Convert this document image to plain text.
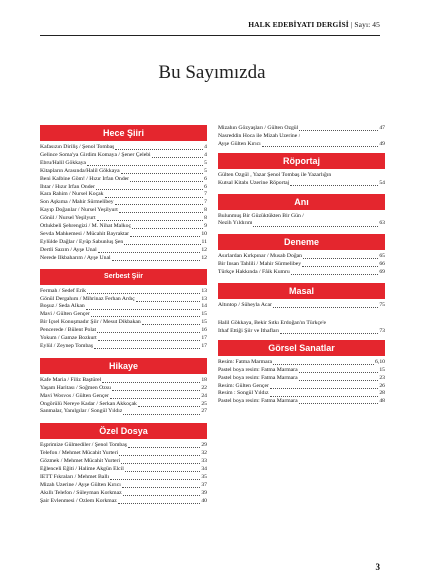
HALK EDEBİYATI DERGİSİ | Sayı: 45
Bu Sayımızda
Hece Şiiri
Kafasızın Diriliş / Şenol Tombaş	4
Gelince Soma'ya Girdim Komaya / Şener Çelebi	4
Ebru/Halil Gökkaya	5
Kitapların Arasında/Halil Gökkaya	5
Beni Kalbine Göm! / Hızır İrfan Önder	6
İhtar / Hızır İrfan Önder	6
Kara Rahim / Nursel Koçak	7
Son Aşkıma / Mahir Sürmelibey	7
Kayıp Doğanlar / Nursel Yeşilyurt	8
Gönül / Nursel Yeşilyurt	8
Othıkbeli Şehrengizi / M. Nihat Malkoç	9
Sevda Mahkemesi / Mücahit Bayraktar	10
Eylülde Dağlar / Eyüp Sabunluş Şen	11
Dertli Sazım / Ayşe Ünal	12
Nerede İlkbaharım / Ayşe Ünal	12
Serbest Şiir
Fermah / Sedef Erik	13
Gönül Dergahım / Mihrinaz Ferhan Ardıç	13
Boşuz / Seda Alkan	14
Mavi / Gülten Gençer	15
Bir İçsel Konuşmadır Şiir / Mesut Dikbakan	15
Pencerede / Bülent Polat	16
Yokum / Gamze Bozkurt	17
Eylül / Zeynep Tombaş	17
Hikaye
Kafe Maria / Filiz Baştürel	18
Yaşam Haritası / Soğmen Özsu	22
Mavi Wosvos / Gülten Gençer	24
Öngörülü Nereye Kadar / Serkan Akkoçak	25
Sanmalar, Yanılgılar / Songül Yıldız	27
Özel Dosya
Eşprimize Gülmediler / Şenol Tombaş	29
Telefon / Mehmet Mücahit Yurteri	32
Gözmek / Mehmet Mücahit Yurteri	33
Eğlenceli Eğiti / Halime Akgün Elcil	34
İETT Fıkraları / Mehmet Ballı	35
Mizah Üzerine / Ayşe Gülten Kırıcı	37
Akıllı Telefon / Süleyman Korkmaz	39
Şair Evlenmesi / Özlem Korkmaz	40
Mizahın Gözyaşları / Gülten Özgül	47
Nasreddin Hoca ile Mizah Üzerine /
Ayşe Gülten Kırıcı	49
Röportaj
Gülten Özgül , Yazar Şenol Tombaş ile Yazarlığın
Kutsal Kitabı Üzerine Röportaj	54
Anı
Bulunmuş Bir Güzüktükten Bir Gün /
Nezih Yıldırım	63
Deneme
Asırlardan Kırkpınar / Musab Doğan	65
Bir İnsan Tahlili / Mahir Sürmelibey	66
Türkçe Hakkında / Fâik Kumru	69
Masal
Altıntop / Süheyla Acar	75
Halil Gökkaya, Bekir Sıtkı Erdoğan'ın Türkçe'e
İthaf Ettiği Şiir ve İthafları	73
Görsel Sanatlar
Resim: Fatma Marmara	6,10
Pastel boya resim: Fatma Marmara	15
Pastel boya resim: Fatma Marmara	23
Resim: Gülten Gençer	26
Resim : Songül Yıldız	28
Pastel boya resim: Fatma Marmara	48
3
